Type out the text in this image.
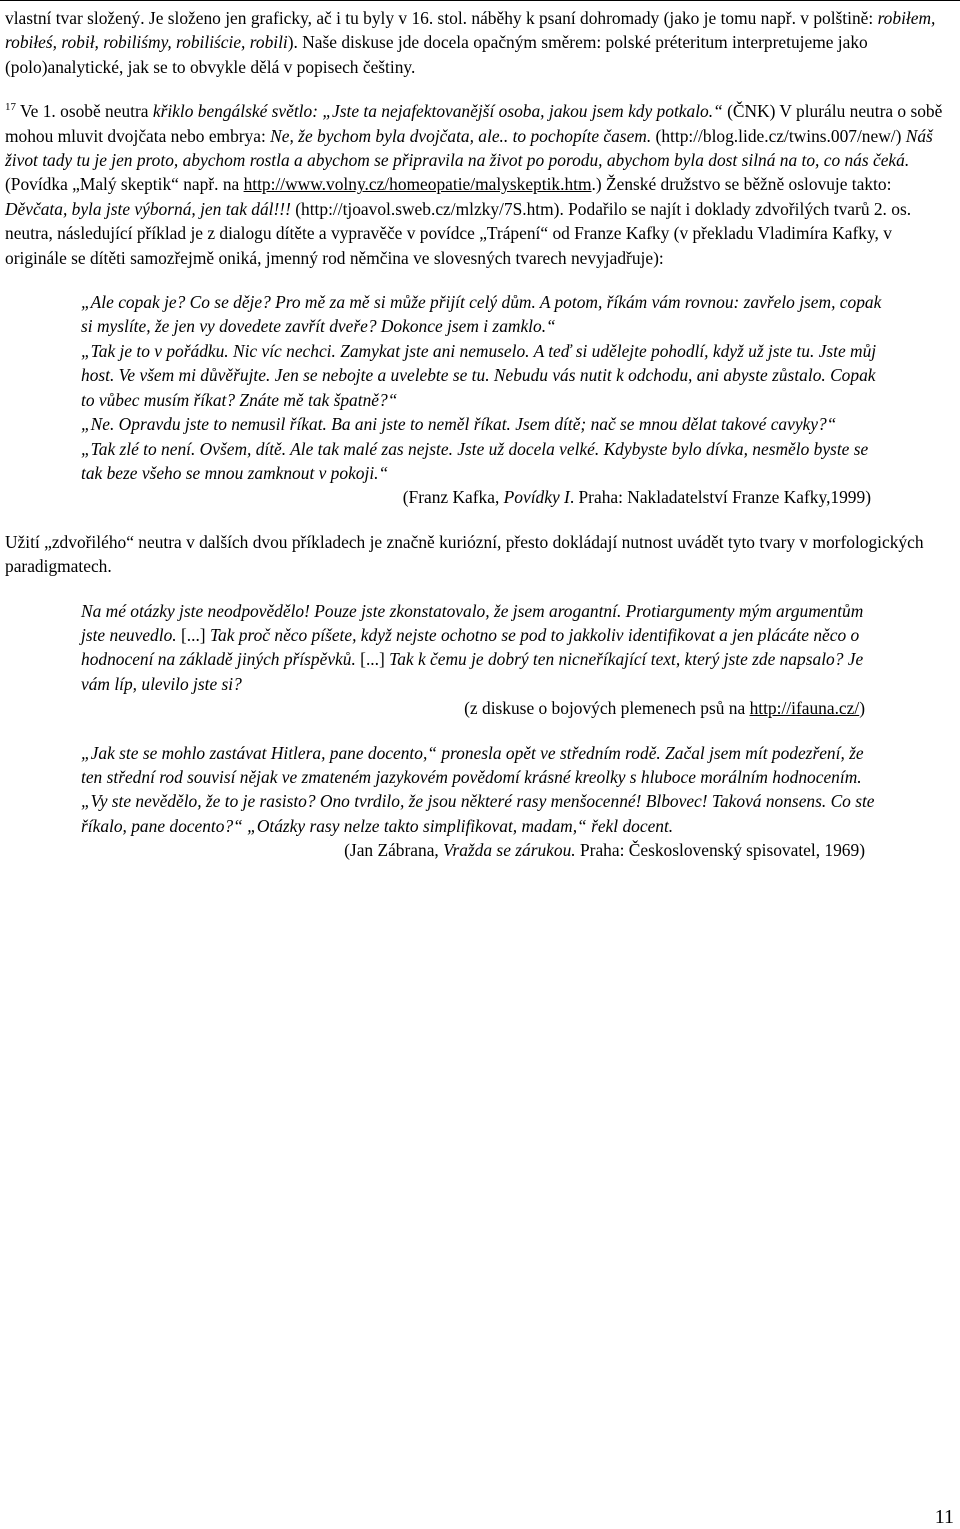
vlastní tvar složený. Je složeno jen graficky, ač i tu byly v 16. stol. náběhy k psaní dohromady (jako je tomu např. v polštině: robiłem, robiłeś, robił, robiliśmy, robiliście, robili). Naše diskuse jde docela opačným směrem: polské préteritum interpretujeme jako (polo)analytické, jak se to obvykle dělá v popisech češtiny.

$^{17}$ Ve 1. osobě neutra křiklo bengálské světlo: „Jste ta nejafektovanější osoba, jakou jsem kdy potkalo.“ (ČNK) V plurálu neutra o sobě mohou mluvit dvojčata nebo embrya: Ne, že bychom byla dvojčata, ale.. to pochopíte časem. (http://blog.lide.cz/twins.007/new/) Náš život tady tu je jen proto, abychom rostla a abychom se připravila na život po porodu, abychom byla dost silná na to, co nás čeká. (Povídka „Malý skeptik“ např. na http://www.volny.cz/homeopatie/malyskeptik.htm.) Ženské družstvo se běžně oslovuje takto: Děvčata, byla jste výborná, jen tak dál!!! (http://tjoavol.sweb.cz/mlzky/7S.htm). Podařilo se najít i doklady zdvořilých tvarů 2. os. neutra, následující příklad je z dialogu dítěte a vypravěče v povídce „Trápení“ od Franze Kafky (v překladu Vladimíra Kafky, v originále se dítěti samozřejmě oniká, jmenný rod němčina ve slovesných tvarech nevyjadřuje):

„Ale copak je? Co se děje? Pro mě za mě si může přijít celý dům. A potom, říkám vám rovnou: zavřelo jsem, copak si myslíte, že jen vy dovedete zavřít dveře? Dokonce jsem i zamklo.“

„Tak je to v pořádku. Nic víc nechci. Zamykat jste ani nemuselo. A teď si udělejte pohodlí, když už jste tu. Jste můj host. Ve všem mi důvěřujte. Jen se nebojte a uvelebte se tu. Nebudu vás nutit k odchodu, ani abyste zůstalo. Copak to vůbec musím říkat? Znáte mě tak špatně?“

„Ne. Opravdu jste to nemusil říkat. Ba ani jste to neměl říkat. Jsem dítě; nač se mnou dělat takové cavyky?“

„Tak zlé to není. Ovšem, dítě. Ale tak malé zas nejste. Jste už docela velké. Kdybyste bylo dívka, nesmělo byste se tak beze všeho se mnou zamknout v pokoji.“

(Franz Kafka, Povídky I. Praha: Nakladatelství Franze Kafky,1999)

Užití „zdvořilého“ neutra v dalších dvou příkladech je značně kuriózní, přesto dokládají nutnost uvádět tyto tvary v morfologických paradigmatech.

Na mé otázky jste neodpovědělo! Pouze jste zkonstatovalo, že jsem arogantní. Protiargumenty mým argumentům jste neuvedlo. [...] Tak proč něco píšete, když nejste ochotno se pod to jakkoliv identifikovat a jen plácáte něco o hodnocení na základě jiných příspěvků. [...] Tak k čemu je dobrý ten nicneříkající text, který jste zde napsalo? Je vám líp, ulevilo jste si?

(z diskuse o bojových plemenech psů na http://ifauna.cz/)

„Jak ste se mohlo zastávat Hitlera, pane docento,“ pronesla opět ve středním rodě. Začal jsem mít podezření, že ten střední rod souvisí nějak ve zmateném jazykovém povědomí krásné kreolky s hluboce morálním hodnocením. „Vy ste nevědělo, že to je rasisto? Ono tvrdilo, že jsou některé rasy menšocenné! Blbovec! Taková nonsens. Co ste říkalo, pane docento?“ „Otázky rasy nelze takto simplifikovat, madam,“ řekl docent.

(Jan Zábrana, Vražda se zárukou. Praha: Československý spisovatel, 1969)

11
